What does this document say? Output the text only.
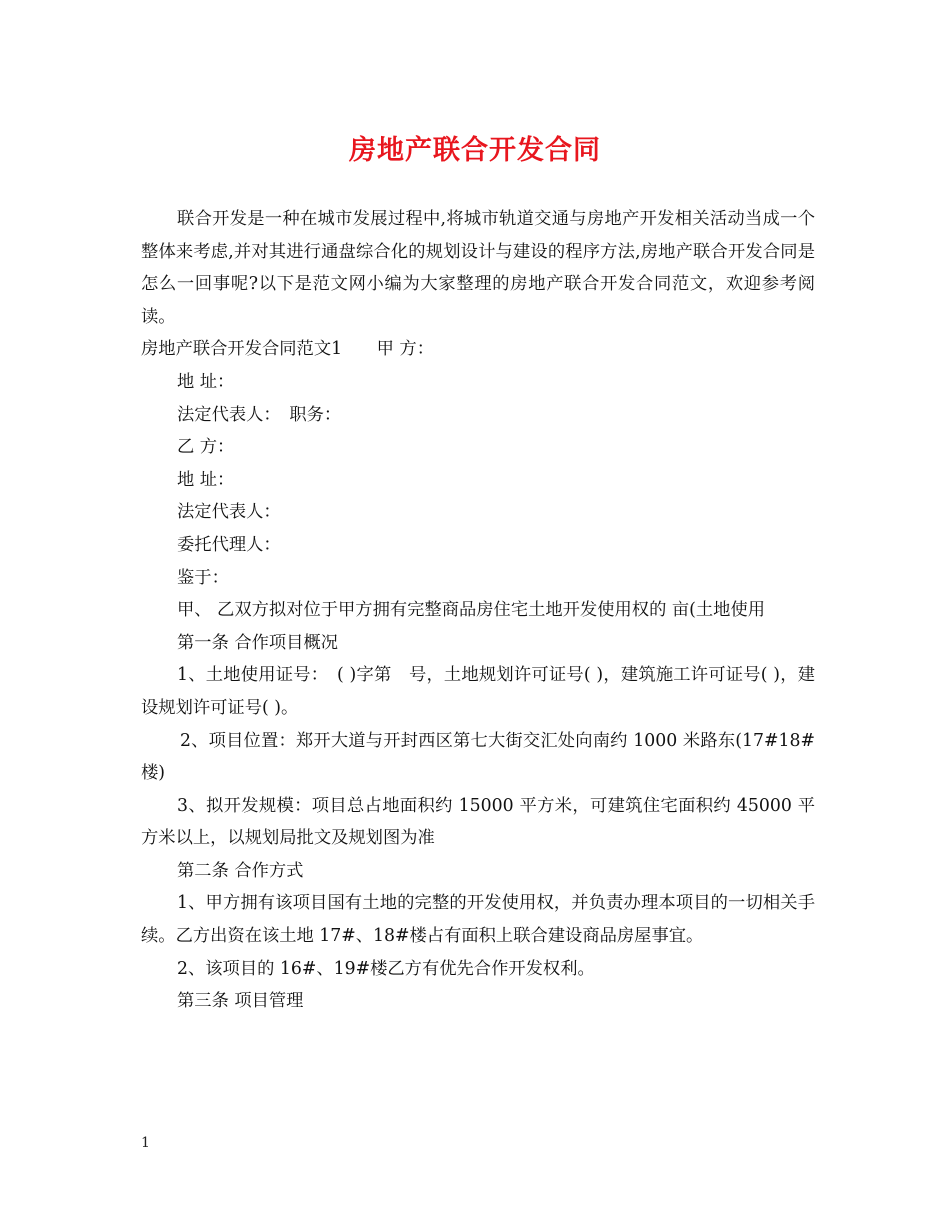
房地产联合开发合同

联合开发是一种在城市发展过程中,将城市轨道交通与房地产开发相关活动当成一个整体来考虑,并对其进行通盘综合化的规划设计与建设的程序方法,房地产联合开发合同是怎么一回事呢?以下是范文网小编为大家整理的房地产联合开发合同范文，欢迎参考阅读。

房地产联合开发合同范文1　　甲 方：

地 址：

法定代表人：　职务：

乙 方：

地 址：

法定代表人：

委托代理人：

鉴于：

甲、 乙双方拟对位于甲方拥有完整商品房住宅土地开发使用权的 亩(土地使用

第一条 合作项目概况

1、土地使用证号：　( )字第　号，土地规划许可证号( )，建筑施工许可证号( )，建设规划许可证号( )。

2、项目位置：郑开大道与开封西区第七大街交汇处向南约 1000 米路东(17#18#楼)

3、拟开发规模：项目总占地面积约 15000 平方米，可建筑住宅面积约 45000 平方米以上，以规划局批文及规划图为准

第二条 合作方式

1、甲方拥有该项目国有土地的完整的开发使用权，并负责办理本项目的一切相关手续。乙方出资在该土地 17#、18#楼占有面积上联合建设商品房屋事宜。

2、该项目的 16#、19#楼乙方有优先合作开发权利。

第三条 项目管理

1
